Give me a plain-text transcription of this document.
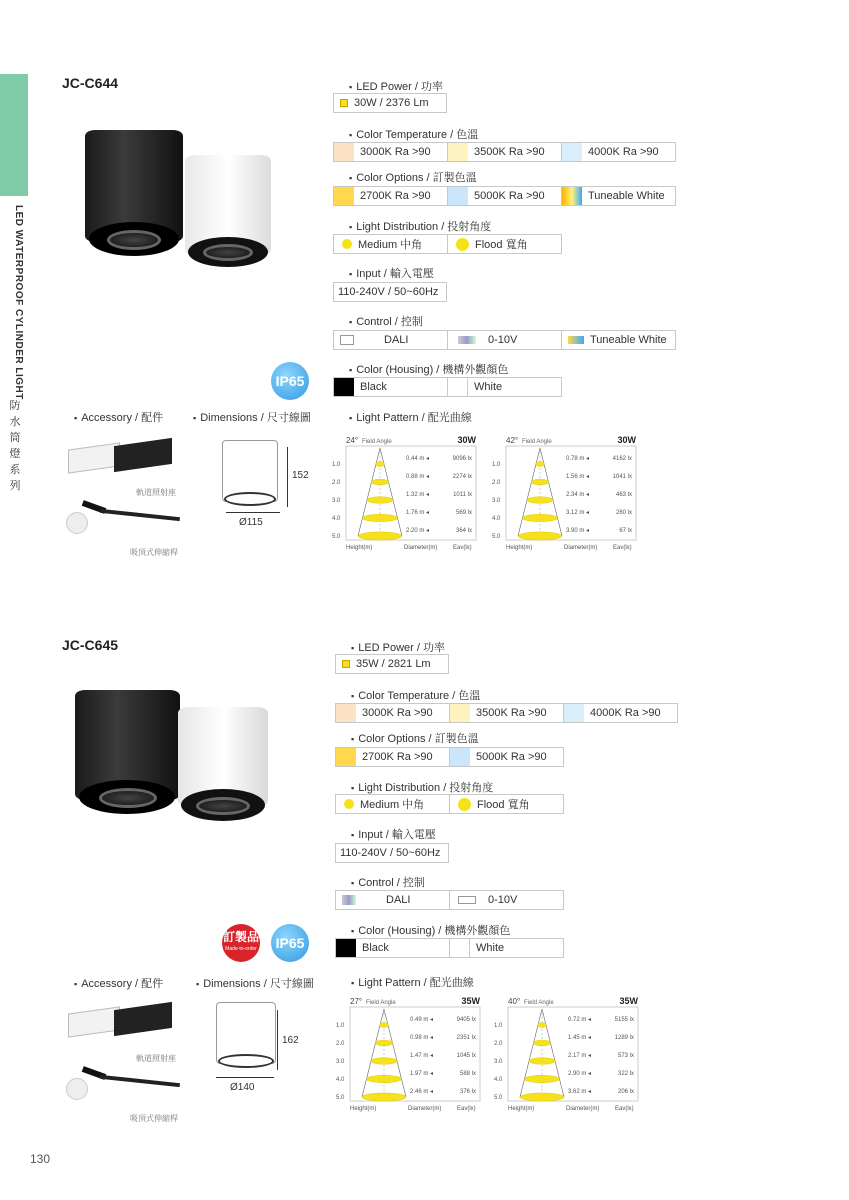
LED WATERPROOF CYLINDER LIGHT
防
水
筒
燈
系
列
130
JC-C644
IP65
▪ Accessory / 配件
軌道照射座
吸頂式伸縮桿
▪ Dimensions / 尺寸線圖
152
Ø115
▪ LED Power / 功率
30W / 2376 Lm
▪ Color Temperature / 色溫
3000K Ra >90	3500K Ra >90	4000K Ra >90
▪ Color Options / 訂製色溫
2700K Ra >90	5000K Ra >90	Tuneable White
▪ Light Distribution / 投射角度
Medium 中角	Flood 寬角
▪ Input / 輸入電壓
110-240V / 50~60Hz
▪ Control / 控制
DALI	0-10V	Tuneable White
▪ Color (Housing) / 機構外觀顏色
Black	White
▪ Light Pattern / 配光曲線
24° Field Angle	30W
1.0
0.44 m ◂	9096 lx
2.0
0.88 m ◂	2274 lx
3.0
1.32 m ◂	1011 lx
4.0
1.76 m ◂	569 lx
5.0
2.20 m ◂	364 lx
Height(m)	Diameter(m)	Eav(lx)
42° Field Angle	30W
1.0
0.78 m ◂	4162 lx
2.0
1.56 m ◂	1041 lx
3.0
2.34 m ◂	463 lx
4.0
3.12 m ◂	260 lx
5.0
3.90 m ◂	67 lx
Height(m)	Diameter(m)	Eav(lx)
JC-C645
訂製品
Made-to-order	IP65
▪ Accessory / 配件
軌道照射座
吸頂式伸縮桿
▪ Dimensions / 尺寸線圖
162
Ø140
▪ LED Power / 功率
35W / 2821 Lm
▪ Color Temperature / 色溫
3000K Ra >90	3500K Ra >90	4000K Ra >90
▪ Color Options / 訂製色溫
2700K Ra >90	5000K Ra >90
▪ Light Distribution / 投射角度
Medium 中角	Flood 寬角
▪ Input / 輸入電壓
110-240V / 50~60Hz
▪ Control / 控制
DALI	0-10V
▪ Color (Housing) / 機構外觀顏色
Black	White
▪ Light Pattern / 配光曲線
27° Field Angle	35W
1.0
0.49 m ◂	9405 lx
2.0
0.98 m ◂	2351 lx
3.0
1.47 m ◂	1045 lx
4.0
1.97 m ◂	588 lx
5.0
2.46 m ◂	376 lx
Height(m)	Diameter(m)	Eav(lx)
40° Field Angle	35W
1.0
0.72 m ◂	5155 lx
2.0
1.45 m ◂	1289 lx
3.0
2.17 m ◂	573 lx
4.0
2.90 m ◂	322 lx
5.0
3.62 m ◂	206 lx
Height(m)	Diameter(m)	Eav(lx)
